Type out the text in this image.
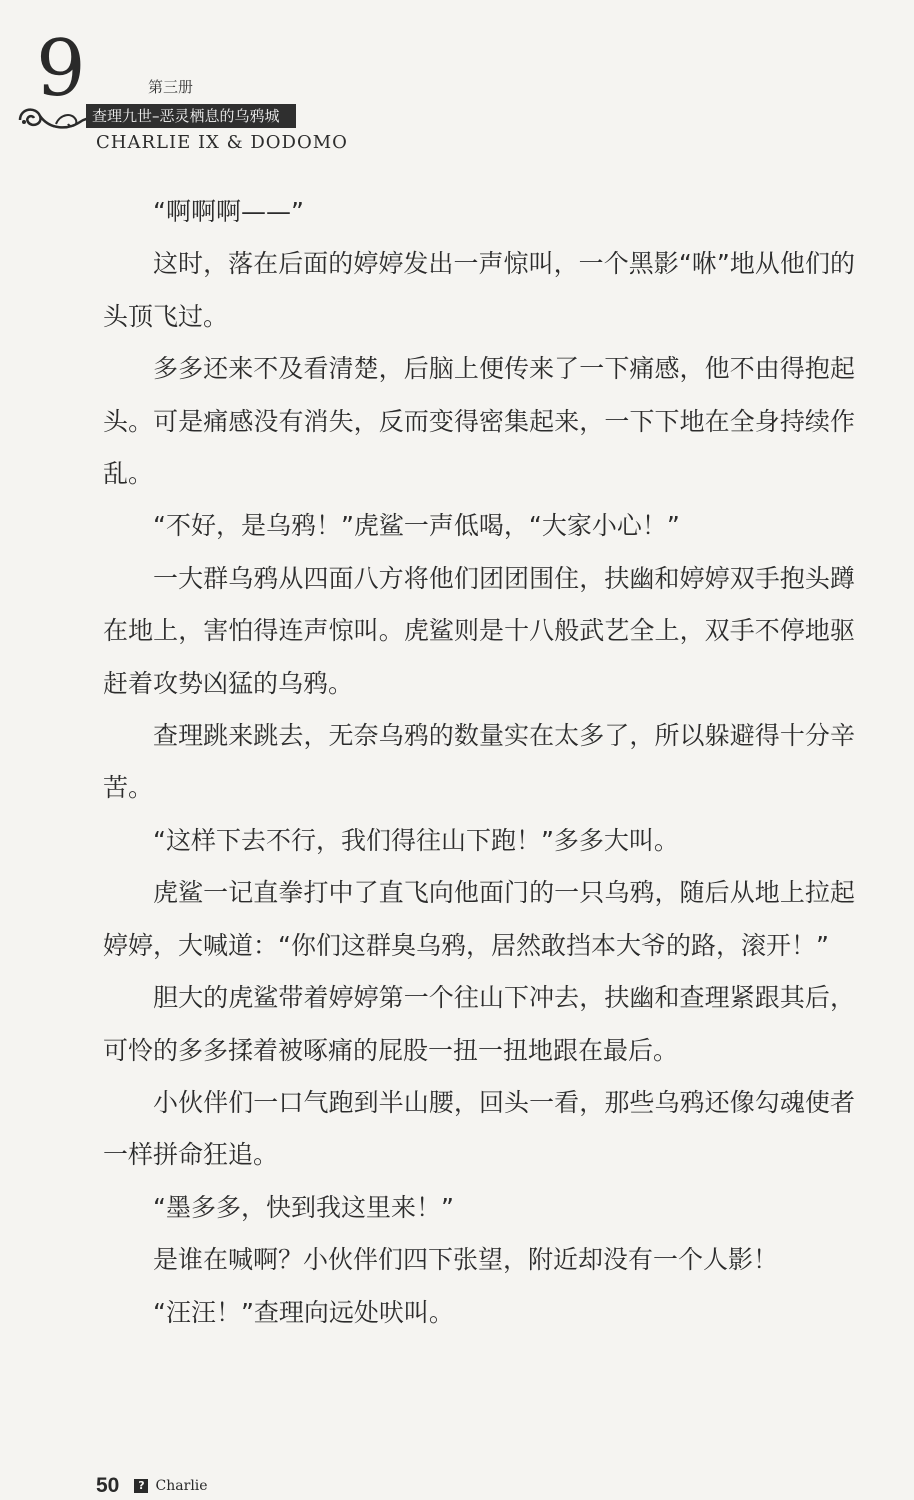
9	第三册
查理九世–恶灵栖息的乌鸦城
CHARLIE IX & DODOMO

“啊啊啊——”

这时，落在后面的婷婷发出一声惊叫，一个黑影“咻”地从他们的头顶飞过。

多多还来不及看清楚，后脑上便传来了一下痛感，他不由得抱起头。可是痛感没有消失，反而变得密集起来，一下下地在全身持续作乱。

“不好，是乌鸦！”虎鲨一声低喝，“大家小心！”

一大群乌鸦从四面八方将他们团团围住，扶幽和婷婷双手抱头蹲在地上，害怕得连声惊叫。虎鲨则是十八般武艺全上，双手不停地驱赶着攻势凶猛的乌鸦。

查理跳来跳去，无奈乌鸦的数量实在太多了，所以躲避得十分辛苦。

“这样下去不行，我们得往山下跑！”多多大叫。

虎鲨一记直拳打中了直飞向他面门的一只乌鸦，随后从地上拉起婷婷，大喊道：“你们这群臭乌鸦，居然敢挡本大爷的路，滚开！”

胆大的虎鲨带着婷婷第一个往山下冲去，扶幽和查理紧跟其后，可怜的多多揉着被啄痛的屁股一扭一扭地跟在最后。

小伙伴们一口气跑到半山腰，回头一看，那些乌鸦还像勾魂使者一样拼命狂追。

“墨多多，快到我这里来！”

是谁在喊啊？小伙伴们四下张望，附近却没有一个人影！

“汪汪！”查理向远处吠叫。

50 ? Charlie
